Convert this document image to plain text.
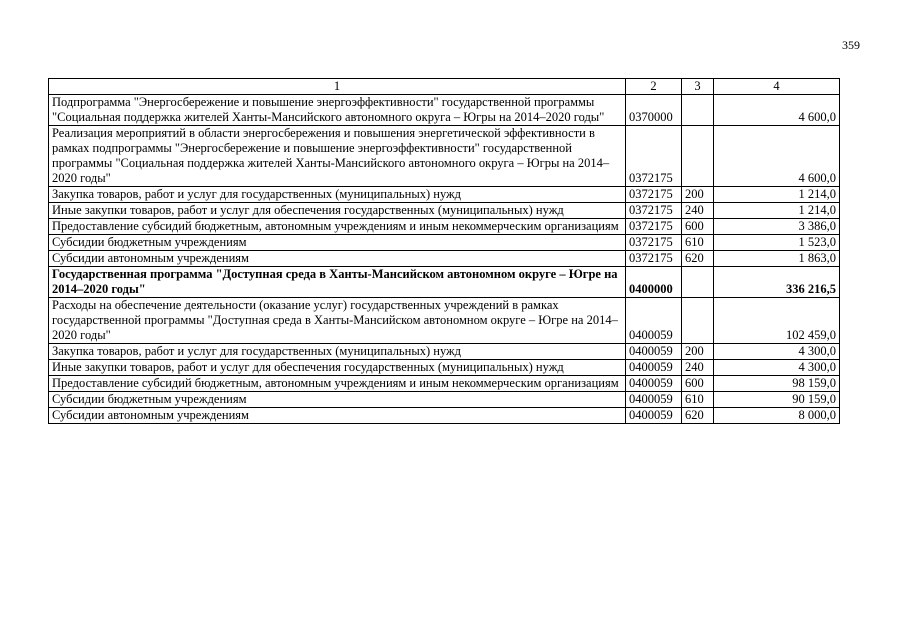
359
1	2	3	4
Подпрограмма "Энергосбережение и повышение энергоэффективности" государственной программы "Социальная поддержка жителей Ханты-Мансийского автономного округа – Югры на 2014–2020 годы"	0370000		4 600,0
Реализация мероприятий в области энергосбережения и повышения энергетической эффективности в рамках подпрограммы "Энергосбережение и повышение энергоэффективности" государственной программы "Социальная поддержка жителей Ханты-Мансийского автономного округа – Югры на 2014–2020 годы"	0372175		4 600,0
Закупка товаров, работ и услуг для государственных (муниципальных) нужд	0372175	200	1 214,0
Иные закупки товаров, работ и услуг для обеспечения государственных (муниципальных) нужд	0372175	240	1 214,0
Предоставление субсидий бюджетным, автономным учреждениям и иным некоммерческим организациям	0372175	600	3 386,0
Субсидии бюджетным учреждениям	0372175	610	1 523,0
Субсидии автономным учреждениям	0372175	620	1 863,0
Государственная программа "Доступная среда в Ханты-Мансийском автономном округе – Югре на 2014–2020 годы"	0400000		336 216,5
Расходы на обеспечение деятельности (оказание услуг) государственных учреждений в рамках государственной программы "Доступная среда в Ханты-Мансийском автономном округе – Югре на 2014–2020 годы"	0400059		102 459,0
Закупка товаров, работ и услуг для государственных (муниципальных) нужд	0400059	200	4 300,0
Иные закупки товаров, работ и услуг для обеспечения государственных (муниципальных) нужд	0400059	240	4 300,0
Предоставление субсидий бюджетным, автономным учреждениям и иным некоммерческим организациям	0400059	600	98 159,0
Субсидии бюджетным учреждениям	0400059	610	90 159,0
Субсидии автономным учреждениям	0400059	620	8 000,0
